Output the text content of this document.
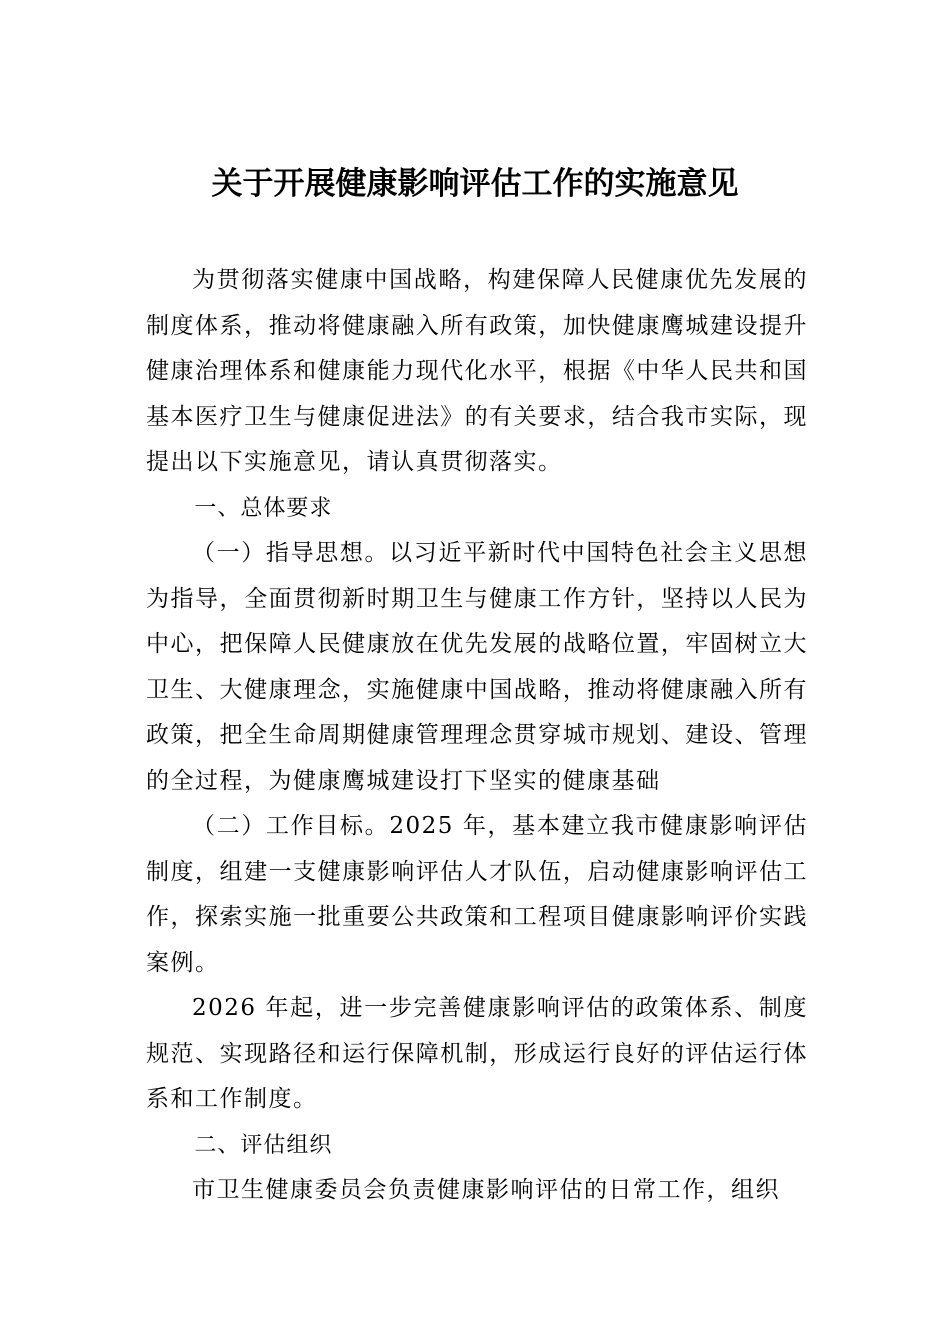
关于开展健康影响评估工作的实施意见

为贯彻落实健康中国战略，构建保障人民健康优先发展的制度体系，推动将健康融入所有政策，加快健康鹰城建设提升健康治理体系和健康能力现代化水平，根据《中华人民共和国基本医疗卫生与健康促进法》的有关要求，结合我市实际，现提出以下实施意见，请认真贯彻落实。

一、总体要求

（一）指导思想。以习近平新时代中国特色社会主义思想为指导，全面贯彻新时期卫生与健康工作方针，坚持以人民为中心，把保障人民健康放在优先发展的战略位置，牢固树立大卫生、大健康理念，实施健康中国战略，推动将健康融入所有政策，把全生命周期健康管理理念贯穿城市规划、建设、管理的全过程，为健康鹰城建设打下坚实的健康基础

（二）工作目标。2025 年，基本建立我市健康影响评估制度，组建一支健康影响评估人才队伍，启动健康影响评估工作，探索实施一批重要公共政策和工程项目健康影响评价实践案例。

2026 年起，进一步完善健康影响评估的政策体系、制度规范、实现路径和运行保障机制，形成运行良好的评估运行体系和工作制度。

二、评估组织

市卫生健康委员会负责健康影响评估的日常工作，组织
